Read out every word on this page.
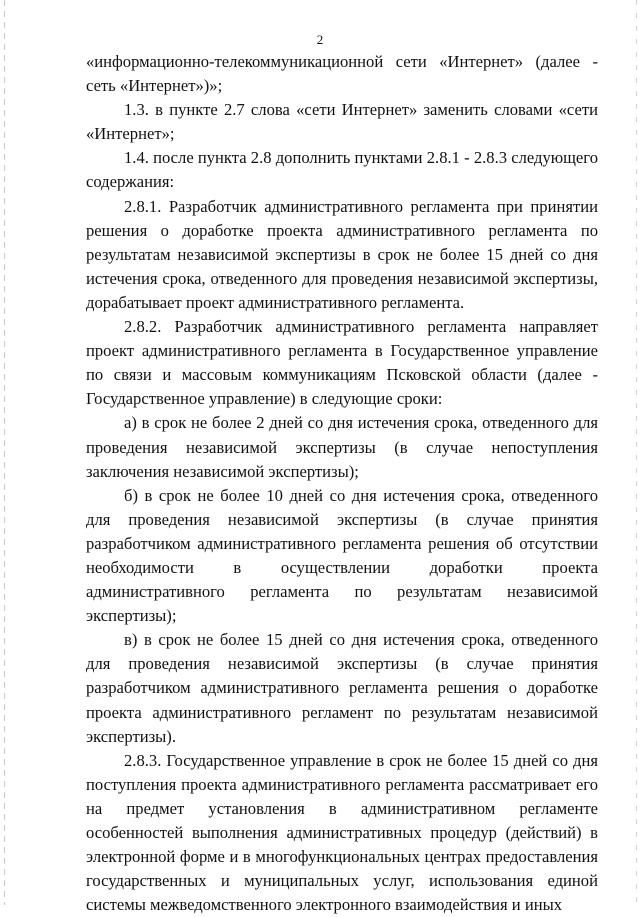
2

«информационно-телекоммуникационной сети «Интернет» (далее - сеть «Интернет»)»;

1.3. в пункте 2.7 слова «сети Интернет» заменить словами «сети «Интернет»;

1.4. после пункта 2.8 дополнить пунктами 2.8.1 - 2.8.3 следующего содержания:

2.8.1. Разработчик административного регламента при принятии решения о доработке проекта административного регламента по результатам независимой экспертизы в срок не более 15 дней со дня истечения срока, отведенного для проведения независимой экспертизы, дорабатывает проект административного регламента.

2.8.2. Разработчик административного регламента направляет проект административного регламента в Государственное управление по связи и массовым коммуникациям Псковской области (далее - Государственное управление) в следующие сроки:

а) в срок не более 2 дней со дня истечения срока, отведенного для проведения независимой экспертизы (в случае непоступления заключения независимой экспертизы);

б) в срок не более 10 дней со дня истечения срока, отведенного для проведения независимой экспертизы (в случае принятия разработчиком административного регламента решения об отсутствии необходимости в осуществлении доработки проекта административного регламента по результатам независимой экспертизы);

в) в срок не более 15 дней со дня истечения срока, отведенного для проведения независимой экспертизы (в случае принятия разработчиком административного регламента решения о доработке проекта административного регламент по результатам независимой экспертизы).

2.8.3. Государственное управление в срок не более 15 дней со дня поступления проекта административного регламента рассматривает его на предмет установления в административном регламенте особенностей выполнения административных процедур (действий) в электронной форме и в многофункциональных центрах предоставления государственных и муниципальных услуг, использования единой системы межведомственного электронного взаимодействия и иных
